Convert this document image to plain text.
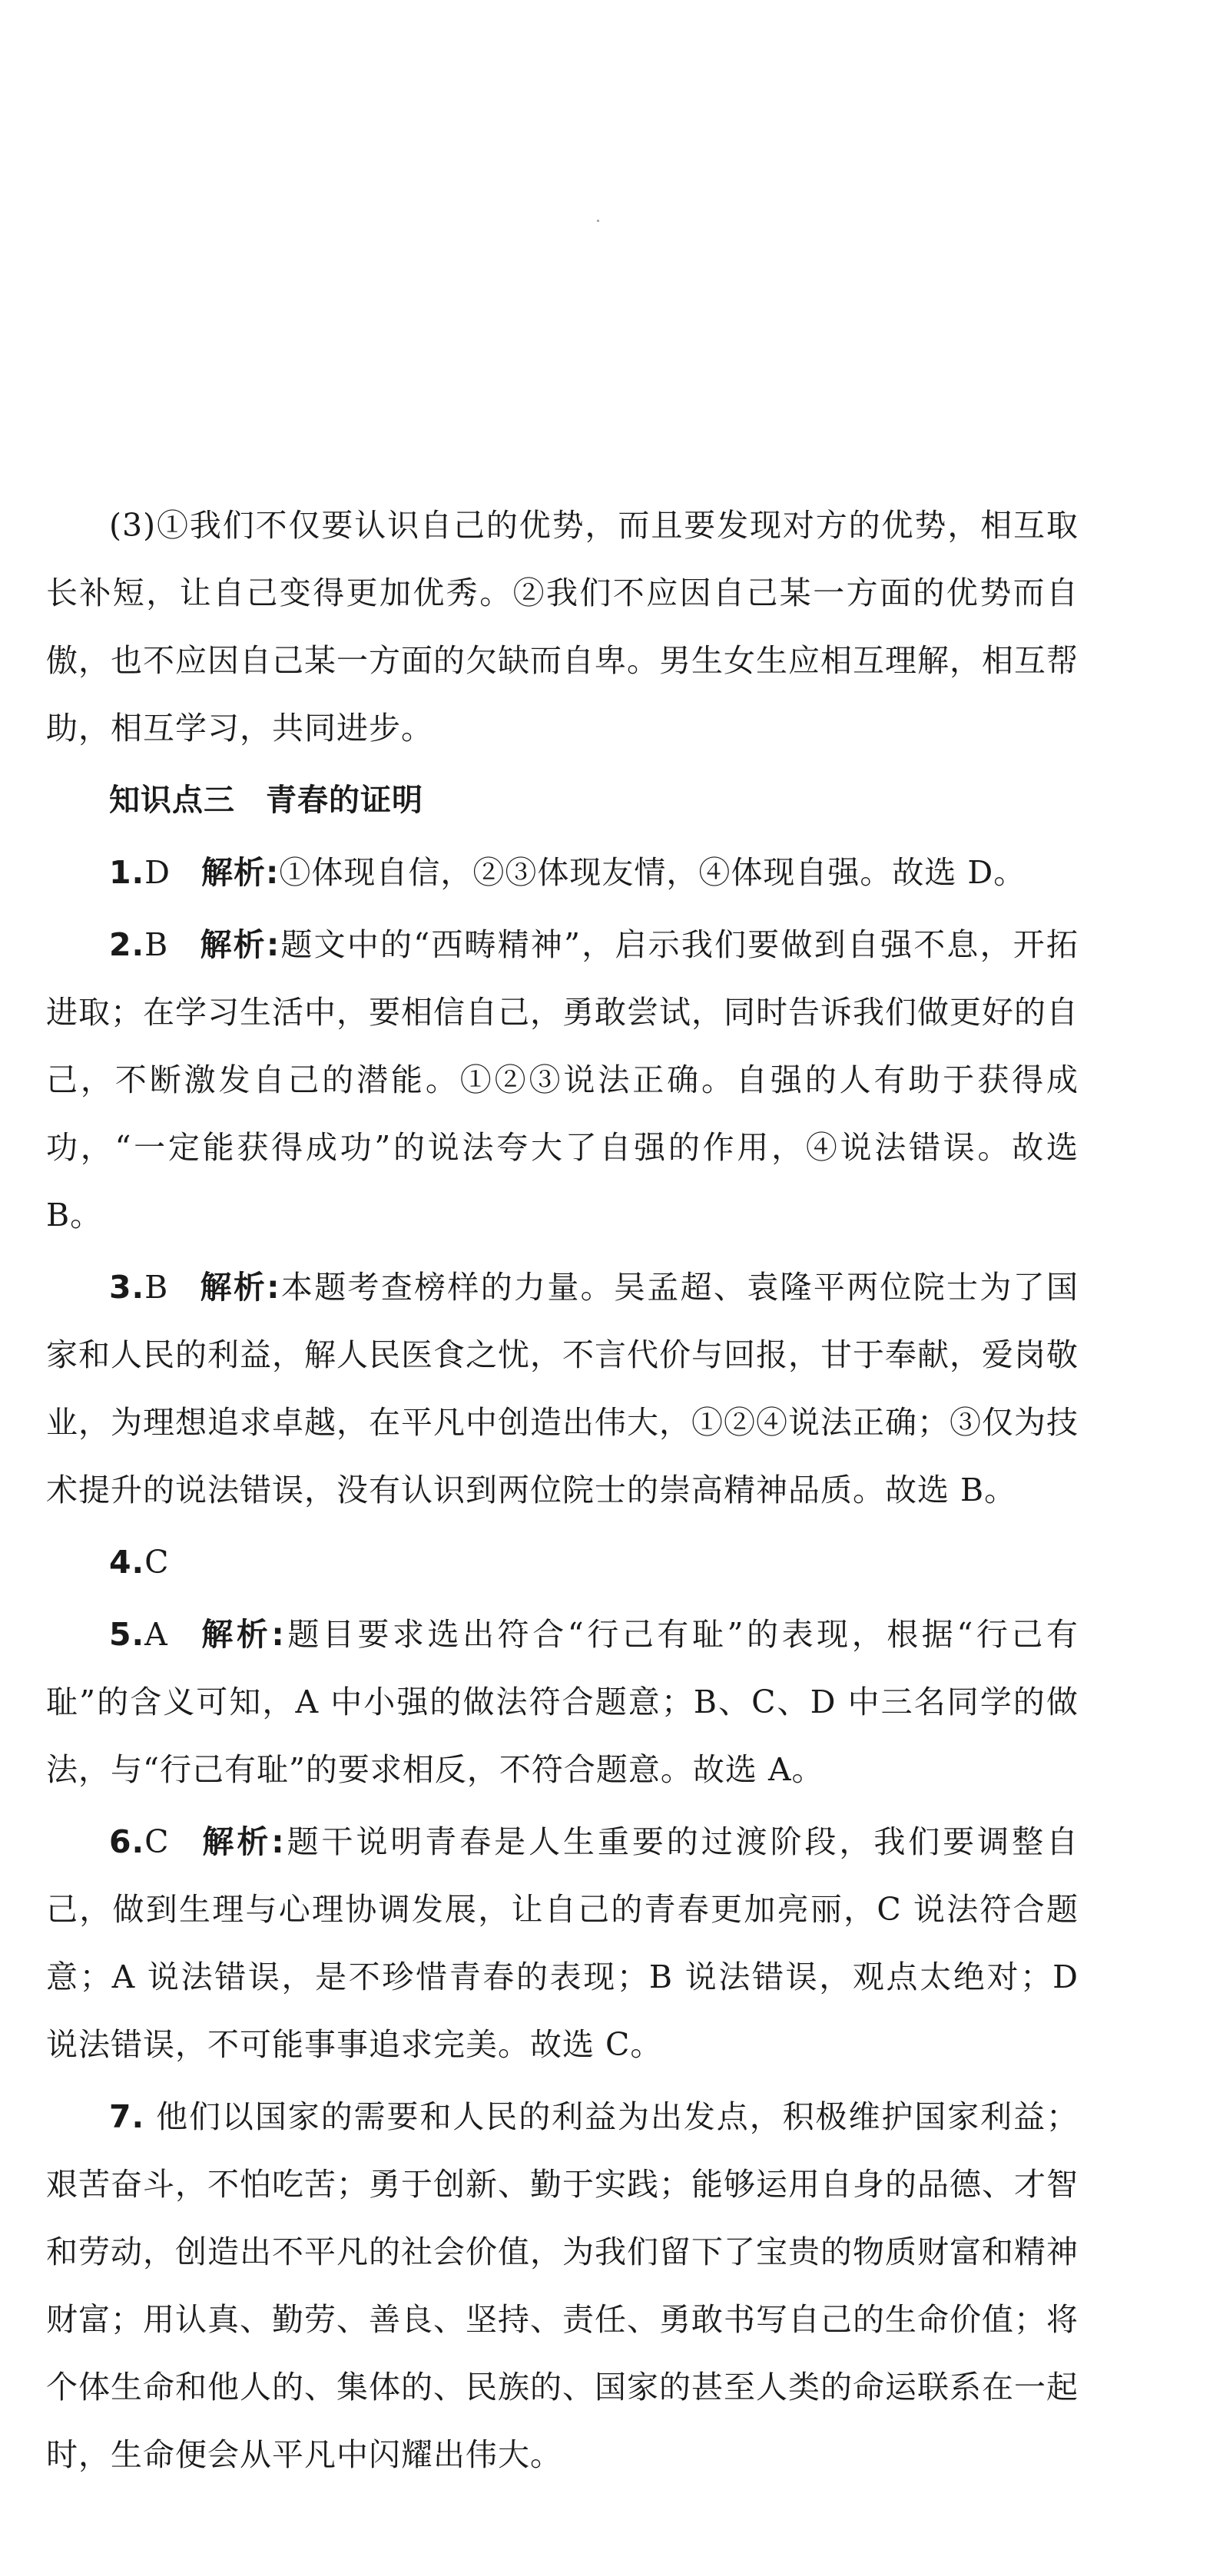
(3)①我们不仅要认识自己的优势，而且要发现对方的优势，相互取长补短，让自己变得更加优秀。②我们不应因自己某一方面的优势而自傲，也不应因自己某一方面的欠缺而自卑。男生女生应相互理解，相互帮助，相互学习，共同进步。

知识点三 青春的证明

1.D 解析:①体现自信，②③体现友情，④体现自强。故选 D。

2.B 解析:题文中的“西畴精神”，启示我们要做到自强不息，开拓进取；在学习生活中，要相信自己，勇敢尝试，同时告诉我们做更好的自己，不断激发自己的潜能。①②③说法正确。自强的人有助于获得成功，“一定能获得成功”的说法夸大了自强的作用，④说法错误。故选 B。

3.B 解析:本题考查榜样的力量。吴孟超、袁隆平两位院士为了国家和人民的利益，解人民医食之忧，不言代价与回报，甘于奉献，爱岗敬业，为理想追求卓越，在平凡中创造出伟大，①②④说法正确；③仅为技术提升的说法错误，没有认识到两位院士的崇高精神品质。故选 B。

4.C

5.A 解析:题目要求选出符合“行己有耻”的表现，根据“行己有耻”的含义可知，A 中小强的做法符合题意；B、C、D 中三名同学的做法，与“行己有耻”的要求相反，不符合题意。故选 A。

6.C 解析:题干说明青春是人生重要的过渡阶段，我们要调整自己，做到生理与心理协调发展，让自己的青春更加亮丽，C 说法符合题意；A 说法错误，是不珍惜青春的表现；B 说法错误，观点太绝对；D 说法错误，不可能事事追求完美。故选 C。

7. 他们以国家的需要和人民的利益为出发点，积极维护国家利益；艰苦奋斗，不怕吃苦；勇于创新、勤于实践；能够运用自身的品德、才智和劳动，创造出不平凡的社会价值，为我们留下了宝贵的物质财富和精神财富；用认真、勤劳、善良、坚持、责任、勇敢书写自己的生命价值；将个体生命和他人的、集体的、民族的、国家的甚至人类的命运联系在一起时，生命便会从平凡中闪耀出伟大。
